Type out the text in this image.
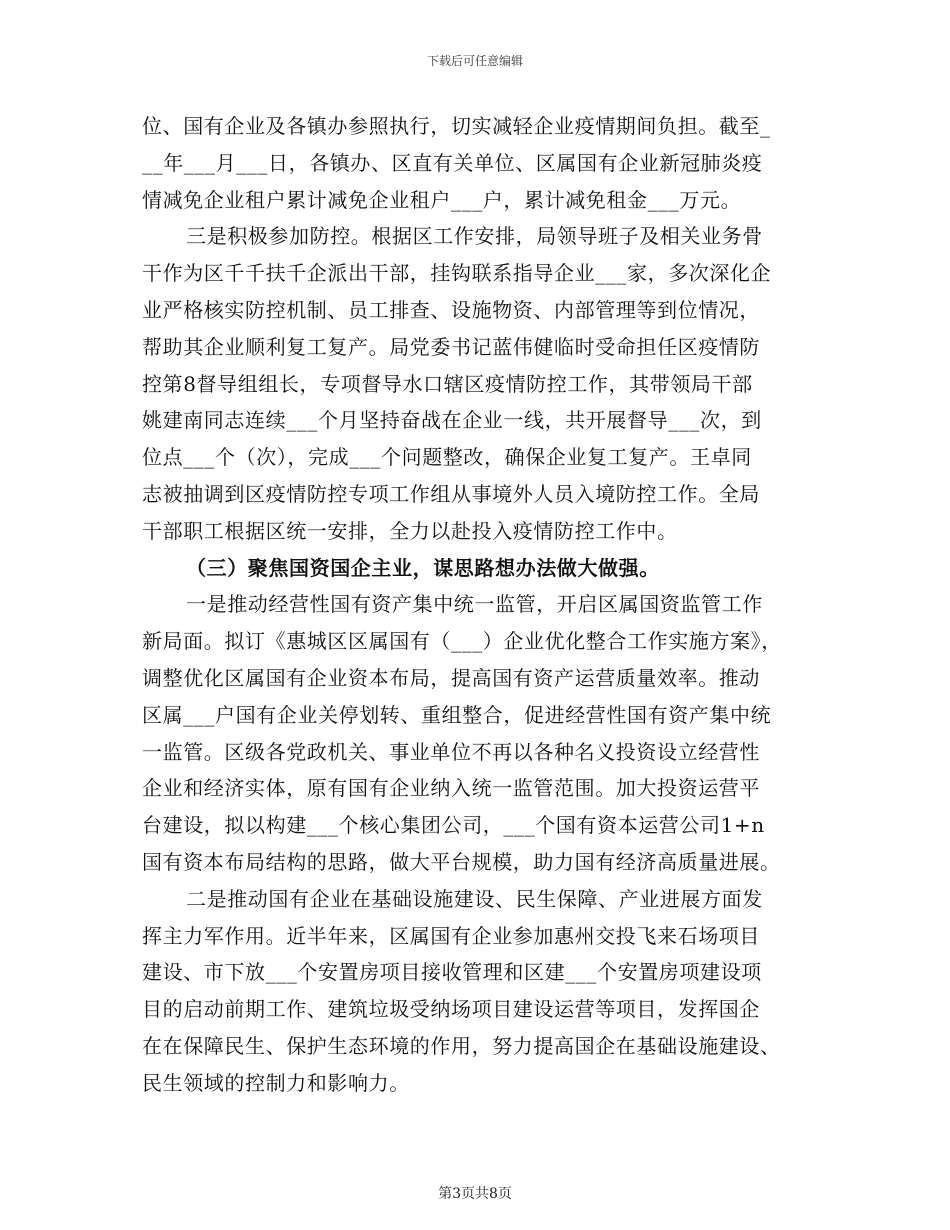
下载后可任意编辑
位、国有企业及各镇办参照执行，切实减轻企业疫情期间负担。截至_
__年___月___日，各镇办、区直有关单位、区属国有企业新冠肺炎疫
情减免企业租户累计减免企业租户___户，累计减免租金___万元。
三是积极参加防控。根据区工作安排，局领导班子及相关业务骨
干作为区千千扶千企派出干部，挂钩联系指导企业___家，多次深化企
业严格核实防控机制、员工排查、设施物资、内部管理等到位情况，
帮助其企业顺利复工复产。局党委书记蓝伟健临时受命担任区疫情防
控第8督导组组长，专项督导水口辖区疫情防控工作，其带领局干部
姚建南同志连续___个月坚持奋战在企业一线，共开展督导___次，到
位点___个（次），完成___个问题整改，确保企业复工复产。王卓同
志被抽调到区疫情防控专项工作组从事境外人员入境防控工作。全局
干部职工根据区统一安排，全力以赴投入疫情防控工作中。
（三）聚焦国资国企主业，谋思路想办法做大做强。
一是推动经营性国有资产集中统一监管，开启区属国资监管工作
新局面。拟订《惠城区区属国有（___）企业优化整合工作实施方案》，
调整优化区属国有企业资本布局，提高国有资产运营质量效率。推动
区属___户国有企业关停划转、重组整合，促进经营性国有资产集中统
一监管。区级各党政机关、事业单位不再以各种名义投资设立经营性
企业和经济实体，原有国有企业纳入统一监管范围。加大投资运营平
台建设，拟以构建___个核心集团公司，___个国有资本运营公司1+n
国有资本布局结构的思路，做大平台规模，助力国有经济高质量进展。
二是推动国有企业在基础设施建设、民生保障、产业进展方面发
挥主力军作用。近半年来，区属国有企业参加惠州交投飞来石场项目
建设、市下放___个安置房项目接收管理和区建___个安置房项建设项
目的启动前期工作、建筑垃圾受纳场项目建设运营等项目，发挥国企
在在保障民生、保护生态环境的作用，努力提高国企在基础设施建设、
民生领域的控制力和影响力。
第3页共8页
